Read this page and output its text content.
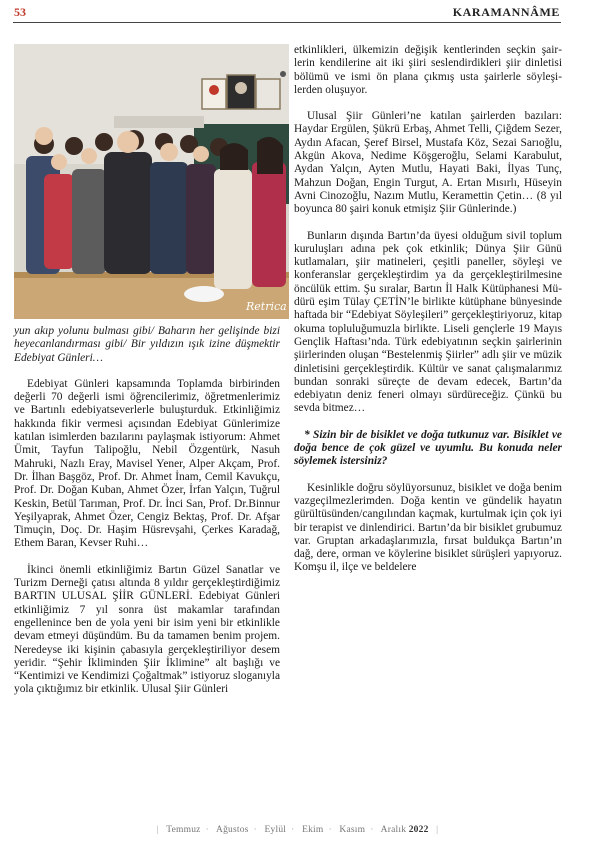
53	KARAMANNÂME
Retrica

yun akıp yolunu bulması gibi/ Baharın her gelişinde bizi heyecanlandırması gibi/ Bir yıldızın ışık izine düşmektir Edebiyat Günleri…

Edebiyat Günleri kapsamında Toplamda birbirinden değerli 70 değerli ismi öğrencilerimiz, öğretmenlerimiz ve Bartınlı edebiyatseverlerle buluşturduk. Etkinliğimiz hakkında fikir vermesi açısından Edebiyat Günlerimize katılan isimlerden bazılarını paylaşmak istiyorum: Ahmet Ümit, Tayfun Talipoğlu, Nebil Özgentürk, Nasuh Mahruki, Nazlı Eray, Mavisel Yener, Alper Akçam, Prof. Dr. İlhan Başgöz, Prof. Dr. Ahmet İnam, Cemil Kavukçu, Prof. Dr. Doğan Kuban, Ahmet Özer, İrfan Yalçın, Tuğrul Keskin, Betül Tarıman, Prof. Dr. İnci San, Prof. Dr.Binnur Yeşilyaprak, Ahmet Özer, Cengiz Bektaş, Prof. Dr. Afşar Timuçin, Doç. Dr. Haşim Hüsrevşahi, Çerkes Karadağ, Ethem Baran, Kevser Ruhi…

İkinci önemli etkinliğimiz Bartın Güzel Sanatlar ve Turizm Derneği çatısı altında 8 yıldır gerçekleştirdiğimiz BARTIN ULUSAL ŞİİR GÜNLERİ. Edebiyat Günleri etkinliğimiz 7 yıl sonra üst makamlar tarafından engellenince ben de yola yeni bir isim yeni bir etkinlikle devam etmeyi düşündüm. Bu da tamamen benim projem. Neredeyse iki kişinin çabasıyla gerçekleştiriliyor desem yeridir. “Şehir İkliminden Şiir İklimine” alt başlığı ve “Kentimizi ve Kendimizi Çoğaltmak” istiyoruz sloganıyla yola çıktığımız bir etkinlik. Ulusal Şiir Günleri

etkinlikleri, ülkemizin değişik kentlerinden seçkin şairlerin kendilerine ait iki şiiri seslendirdikleri şiir dinletisi bölümü ve ismi ön plana çıkmış usta şairlerle söyleşilerden oluşuyor.

Ulusal Şiir Günleri’ne katılan şairlerden bazıları: Haydar Ergülen, Şükrü Erbaş, Ahmet Telli, Çiğdem Sezer, Aydın Afacan, Şeref Birsel, Mustafa Köz, Sezai Sarıoğlu, Akgün Akova, Nedime Köşgeroğlu, Selami Karabulut, Aydan Yalçın, Ayten Mutlu, Hayati Baki, İlyas Tunç, Mahzun Doğan, Engin Turgut, A. Ertan Mısırlı, Hüseyin Avni Cinozoğlu, Nazım Mutlu, Keramettin Çetin… (8 yıl boyunca 80 şairi konuk etmişiz Şiir Günlerinde.)

Bunların dışında Bartın’da üyesi olduğum sivil toplum kuruluşları adına pek çok etkinlik; Dünya Şiir Günü kutlamaları, şiir matineleri, çeşitli paneller, söyleşi ve konferanslar gerçekleştirdim ya da gerçekleştirilmesine öncülük ettim. Şu sıralar, Bartın İl Halk Kütüphanesi Müdürü eşim Tülay ÇETİN’le birlikte kütüphane bünyesinde haftada bir “Edebiyat Söyleşileri” gerçekleştiriyoruz, kitap okuma topluluğumuzla birlikte. Liseli gençlerle 19 Mayıs Gençlik Haftası’nda. Türk edebiyatının seçkin şairlerinin şiirlerinden oluşan “Bestelenmiş Şiirler” adlı şiir ve müzik dinletisini gerçekleştirdik. Kültür ve sanat çalışmalarımız bundan sonraki süreçte de devam edecek, Bartın’da edebiyatın deniz feneri olmayı sürdüreceğiz. Çünkü bu sevda bitmez…

* Sizin bir de bisiklet ve doğa tutkunuz var. Bisiklet ve doğa bence de çok güzel ve uyumlu. Bu konuda neler söylemek istersiniz?

Kesinlikle doğru söylüyorsunuz, bisiklet ve doğa benim vazgeçilmezlerimden. Doğa kentin ve gündelik hayatın gürültüsünden/cangılından kaçmak, kurtulmak için çok iyi bir terapist ve dinlendirici. Bartın’da bir bisiklet grubumuz var. Gruptan arkadaşlarımızla, fırsat buldukça Bartın’ın dağ, dere, orman ve köylerine bisiklet sürüşleri yapıyoruz. Komşu il, ilçe ve beldelere

| Temmuz · Ağustos · Eylül · Ekim · Kasım · Aralık 2022 |
